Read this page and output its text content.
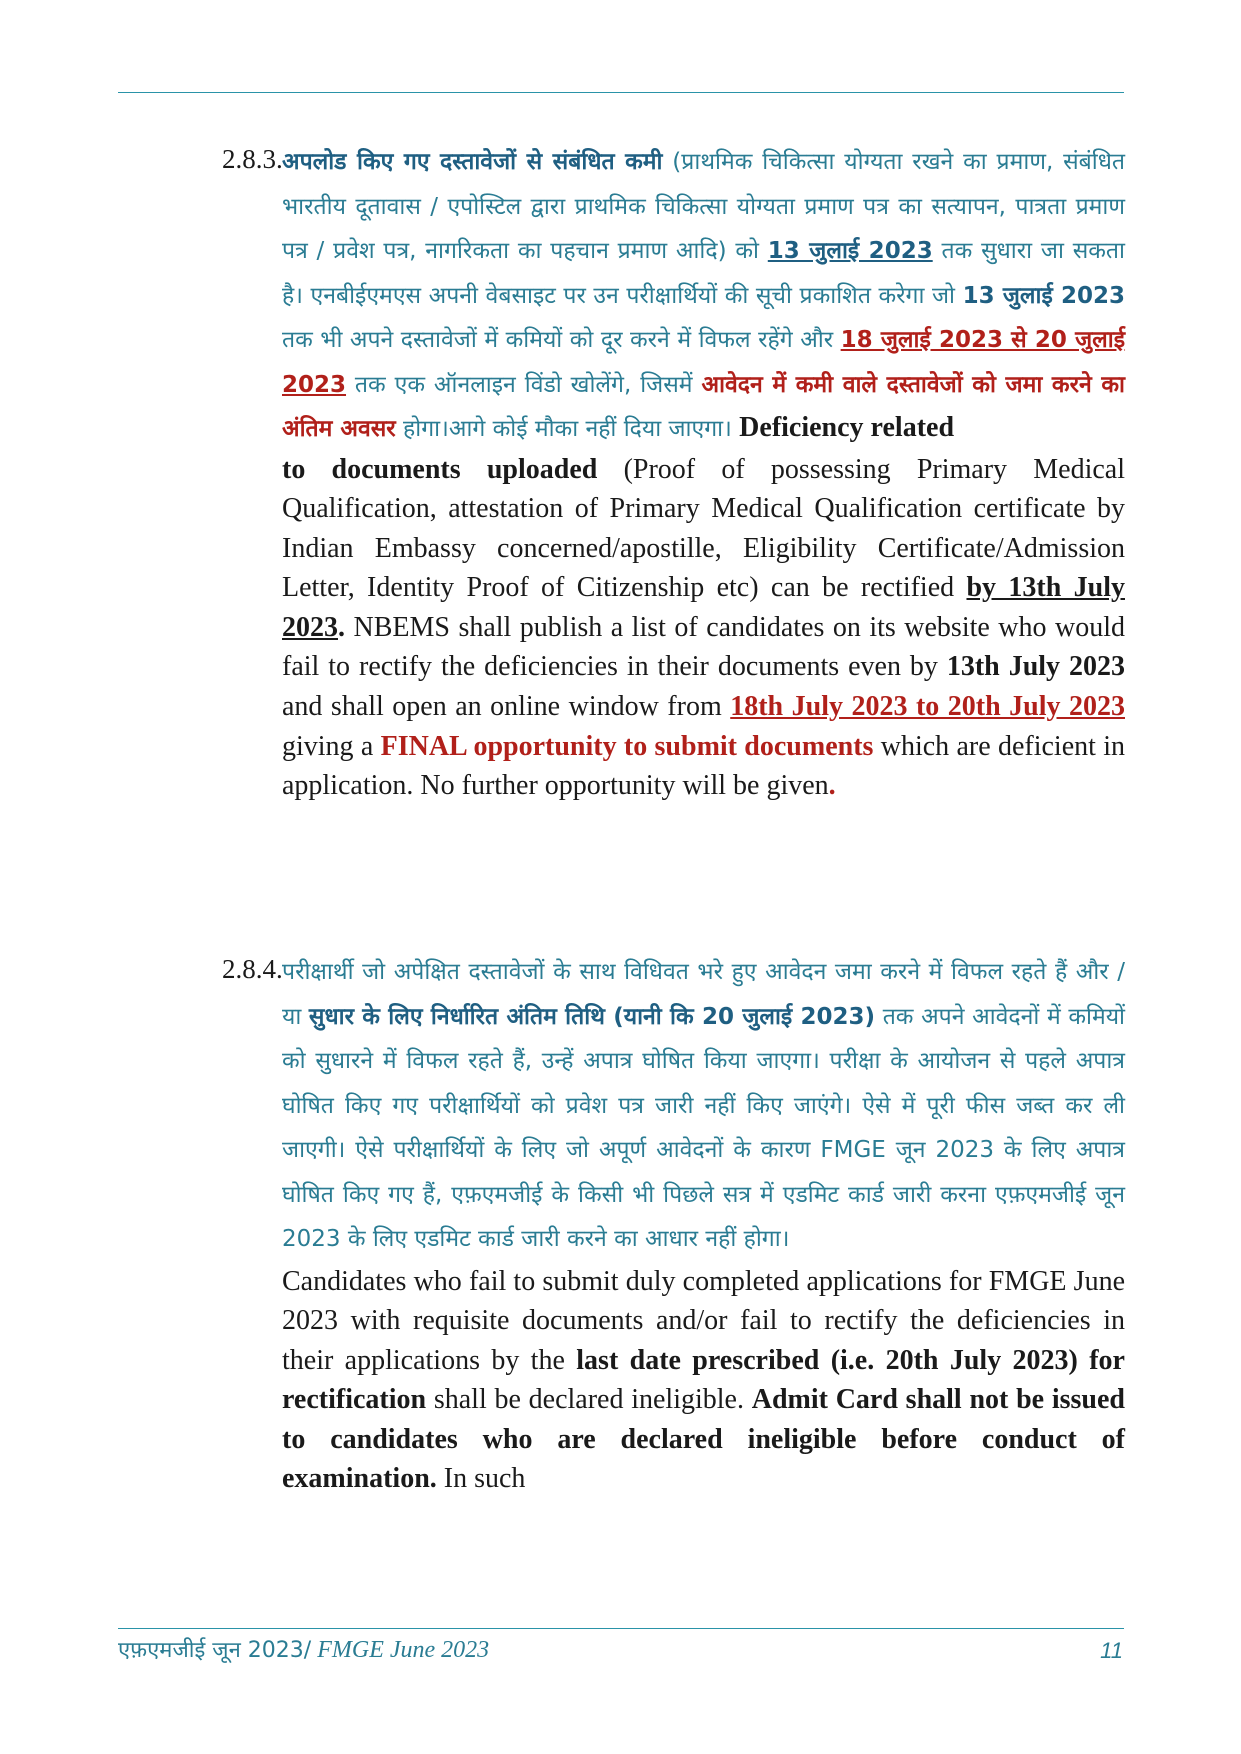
2.8.3. अपलोड किए गए दस्तावेजों से संबंधित कमी (प्राथमिक चिकित्सा योग्यता रखने का प्रमाण, संबंधित भारतीय दूतावास / एपोस्टिल द्वारा प्राथमिक चिकित्सा योग्यता प्रमाण पत्र का सत्यापन, पात्रता प्रमाण पत्र / प्रवेश पत्र, नागरिकता का पहचान प्रमाण आदि) को 13 जुलाई 2023 तक सुधारा जा सकता है। एनबीईएमएस अपनी वेबसाइट पर उन परीक्षार्थियों की सूची प्रकाशित करेगा जो 13 जुलाई 2023 तक भी अपने दस्तावेजों में कमियों को दूर करने में विफल रहेंगे और 18 जुलाई 2023 से 20 जुलाई 2023 तक एक ऑनलाइन विंडो खोलेंगे, जिसमें आवेदन में कमी वाले दस्तावेजों को जमा करने का अंतिम अवसर होगा।आगे कोई मौका नहीं दिया जाएगा। Deficiency related
to documents uploaded (Proof of possessing Primary Medical Qualification, attestation of Primary Medical Qualification certificate by Indian Embassy concerned/apostille, Eligibility Certificate/Admission Letter, Identity Proof of Citizenship etc) can be rectified by 13th July 2023. NBEMS shall publish a list of candidates on its website who would fail to rectify the deficiencies in their documents even by 13th July 2023 and shall open an online window from 18th July 2023 to 20th July 2023 giving a FINAL opportunity to submit documents which are deficient in application. No further opportunity will be given.
2.8.4. परीक्षार्थी जो अपेक्षित दस्तावेजों के साथ विधिवत भरे हुए आवेदन जमा करने में विफल रहते हैं और / या सुधार के लिए निर्धारित अंतिम तिथि (यानी कि 20 जुलाई 2023) तक अपने आवेदनों में कमियों को सुधारने में विफल रहते हैं, उन्हें अपात्र घोषित किया जाएगा। परीक्षा के आयोजन से पहले अपात्र घोषित किए गए परीक्षार्थियों को प्रवेश पत्र जारी नहीं किए जाएंगे। ऐसे में पूरी फीस जब्त कर ली जाएगी। ऐसे परीक्षार्थियों के लिए जो अपूर्ण आवेदनों के कारण FMGE जून 2023 के लिए अपात्र घोषित किए गए हैं, एफ़एमजीई के किसी भी पिछले सत्र में एडमिट कार्ड जारी करना एफ़एमजीई जून 2023 के लिए एडमिट कार्ड जारी करने का आधार नहीं होगा।
Candidates who fail to submit duly completed applications for FMGE June 2023 with requisite documents and/or fail to rectify the deficiencies in their applications by the last date prescribed (i.e. 20th July 2023) for rectification shall be declared ineligible. Admit Card shall not be issued to candidates who are declared ineligible before conduct of examination. In such
एफ़एमजीई जून 2023/ FMGE June 2023	11
